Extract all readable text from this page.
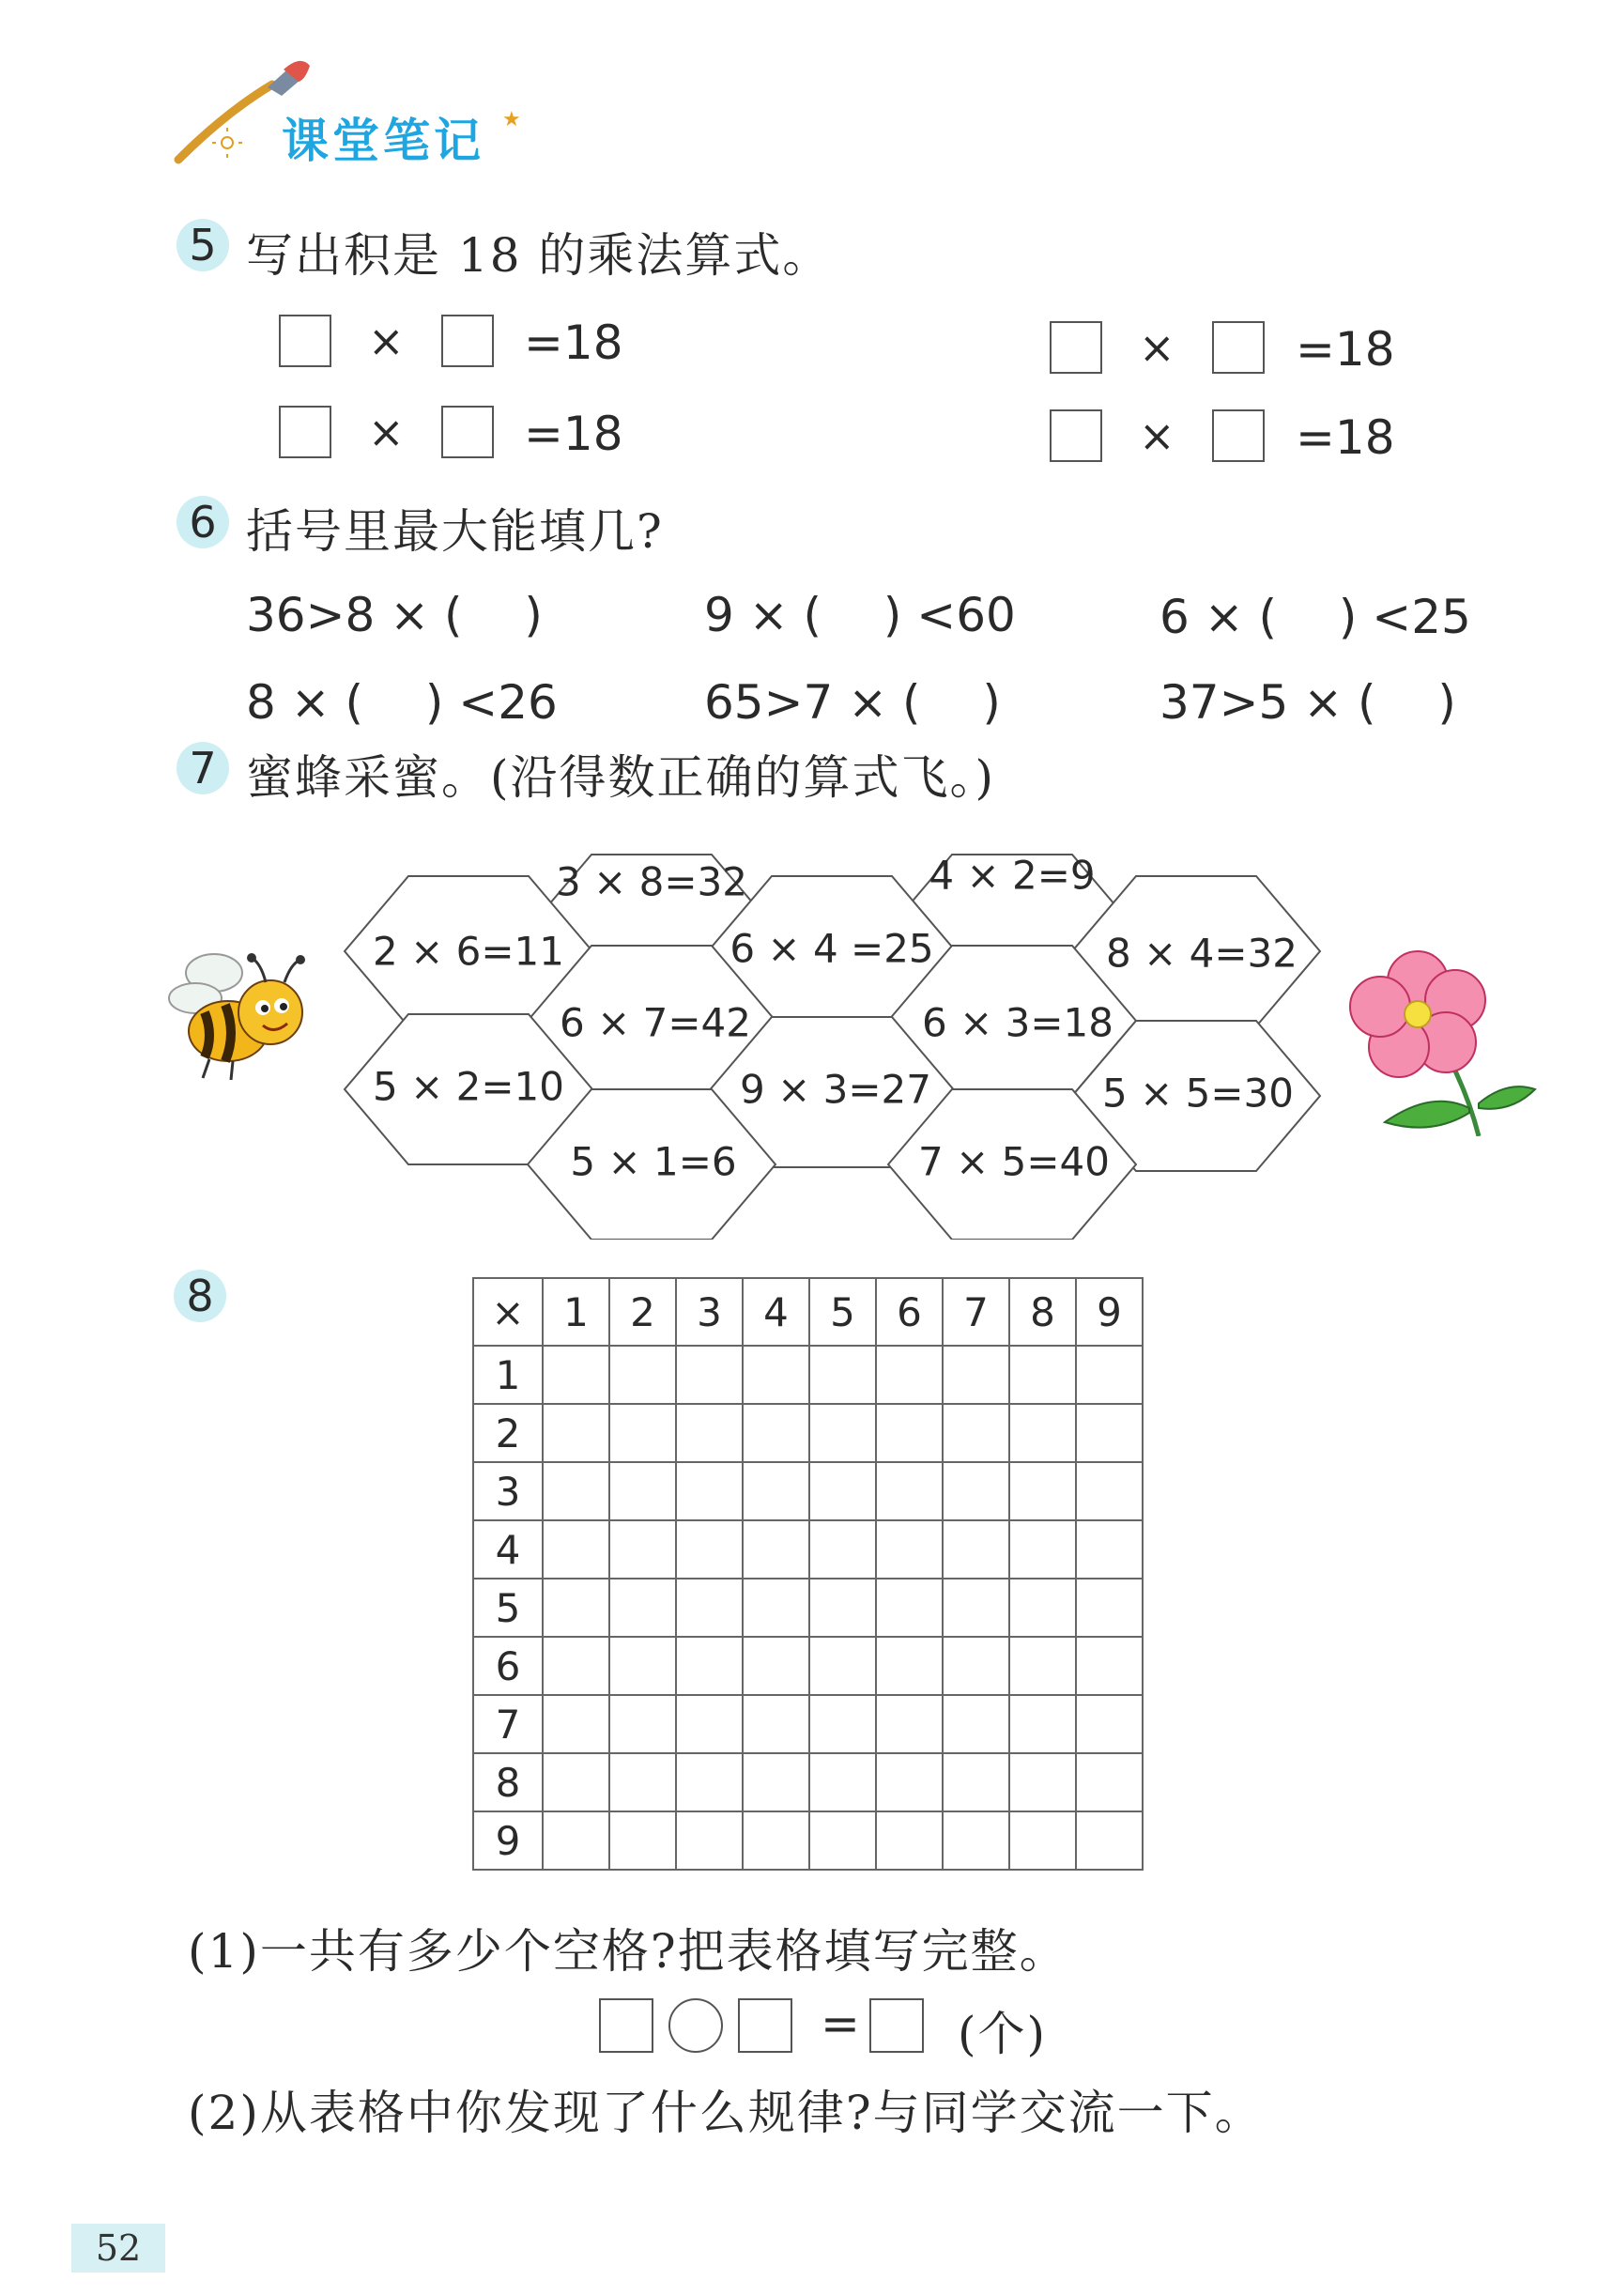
课堂笔记 ★
5 写出积是 18 的乘法算式。
×	=18	×	=18
×	=18	×	=18
6 括号里最大能填几?
36>8 × (　 )	9 × (　 ) <60	6 × (　 ) <25
8 × (　 ) <26	65>7 × (　 )	37>5 × (　 )
7 蜜蜂采蜜。(沿得数正确的算式飞。)
3 × 8=32	4 × 2=9
2 × 6=11	6 × 4 =25	8 × 4=32
6 × 7=42	6 × 3=18
5 × 2=10	9 × 3=27	5 × 5=30
5 × 1=6	7 × 5=40
8	×	1	2	3	4	5	6	7	8	9
1									
2									
3									
4									
5									
6									
7									
8									
9									
(1)一共有多少个空格?把表格填写完整。
= (个)
(2)从表格中你发现了什么规律?与同学交流一下。
52
